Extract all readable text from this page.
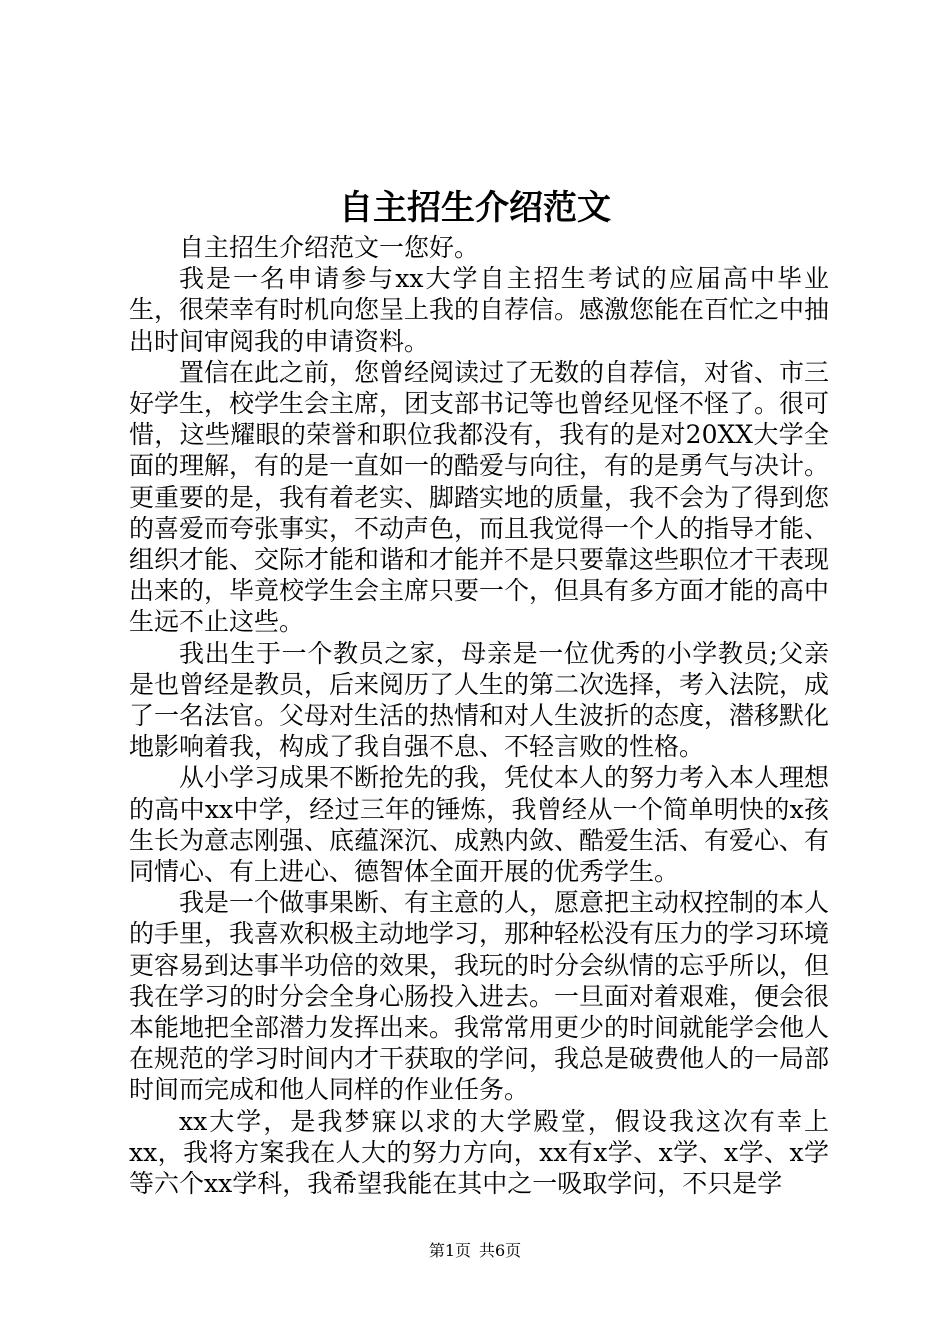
自主招生介绍范文

自主招生介绍范文一您好。

我是一名申请参与xx大学自主招生考试的应届高中毕业生，很荣幸有时机向您呈上我的自荐信。感激您能在百忙之中抽出时间审阅我的申请资料。

置信在此之前，您曾经阅读过了无数的自荐信，对省、市三好学生，校学生会主席，团支部书记等也曾经见怪不怪了。很可惜，这些耀眼的荣誉和职位我都没有，我有的是对20XX大学全面的理解，有的是一直如一的酷爱与向往，有的是勇气与决计。更重要的是，我有着老实、脚踏实地的质量，我不会为了得到您的喜爱而夸张事实，不动声色，而且我觉得一个人的指导才能、组织才能、交际才能和谐和才能并不是只要靠这些职位才干表现出来的，毕竟校学生会主席只要一个，但具有多方面才能的高中生远不止这些。

我出生于一个教员之家，母亲是一位优秀的小学教员;父亲是也曾经是教员，后来阅历了人生的第二次选择，考入法院，成了一名法官。父母对生活的热情和对人生波折的态度，潜移默化地影响着我，构成了我自强不息、不轻言败的性格。

从小学习成果不断抢先的我，凭仗本人的努力考入本人理想的高中xx中学，经过三年的锤炼，我曾经从一个简单明快的x孩生长为意志刚强、底蕴深沉、成熟内敛、酷爱生活、有爱心、有同情心、有上进心、德智体全面开展的优秀学生。

我是一个做事果断、有主意的人，愿意把主动权控制的本人的手里，我喜欢积极主动地学习，那种轻松没有压力的学习环境更容易到达事半功倍的效果，我玩的时分会纵情的忘乎所以，但我在学习的时分会全身心肠投入进去。一旦面对着艰难，便会很本能地把全部潜力发挥出来。我常常用更少的时间就能学会他人在规范的学习时间内才干获取的学问，我总是破费他人的一局部时间而完成和他人同样的作业任务。

xx大学，是我梦寐以求的大学殿堂，假设我这次有幸上xx，我将方案我在人大的努力方向，xx有x学、x学、x学、x学等六个xx学科，我希望我能在其中之一吸取学问，不只是学

第1页 共6页
